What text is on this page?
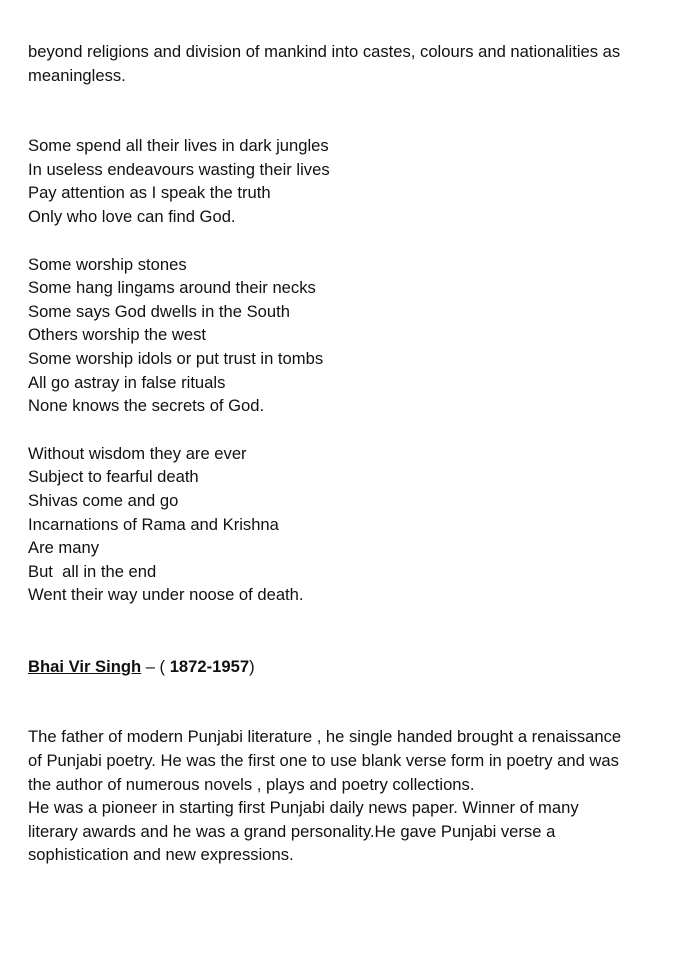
beyond religions and division of mankind into castes, colours and nationalities as
meaningless.

Some spend all their lives in dark jungles
In useless endeavours wasting their lives
Pay attention as I speak the truth
Only who love can find God.
Some worship stones
Some hang lingams around their necks
Some says God dwells in the South
Others worship the west
Some worship idols or put trust in tombs
All go astray in false rituals
None knows the secrets of God.
Without wisdom they are ever
Subject to fearful death
Shivas come and go
Incarnations of Rama and Krishna
Are many
But  all in the end
Went their way under noose of death.

Bhai Vir Singh – ( 1872-1957)

The father of modern Punjabi literature , he single handed brought a renaissance
of Punjabi poetry. He was the first one to use blank verse form in poetry and was
the author of numerous novels , plays and poetry collections.
He was a pioneer in starting first Punjabi daily news paper. Winner of many
literary awards and he was a grand personality.He gave Punjabi verse a
sophistication and new expressions.
